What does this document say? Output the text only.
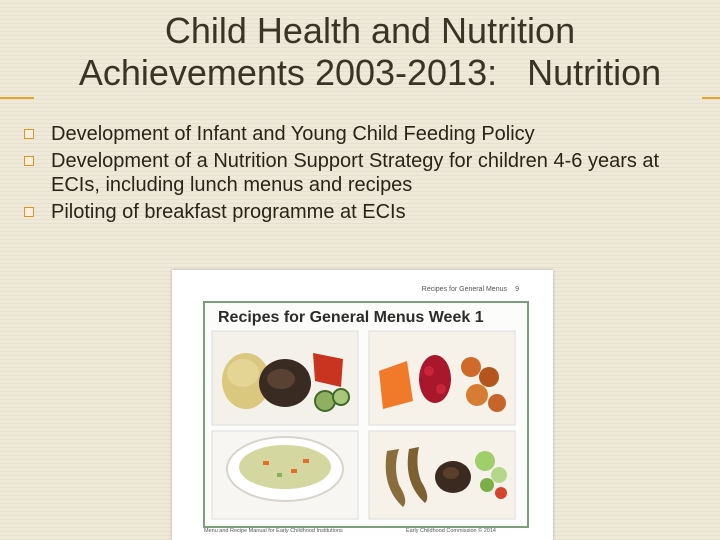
Child Health and Nutrition
Achievements 2003-2013:   Nutrition
Development of Infant and Young Child Feeding Policy
Development of a Nutrition Support Strategy for children 4-6 years at ECIs, including lunch menus and recipes
Piloting of breakfast programme at ECIs
Recipes for General Menus 9
Recipes for General Menus Week 1
Menu and Recipe Manual for Early Childhood Institutions	Early Childhood Commission © 2014
